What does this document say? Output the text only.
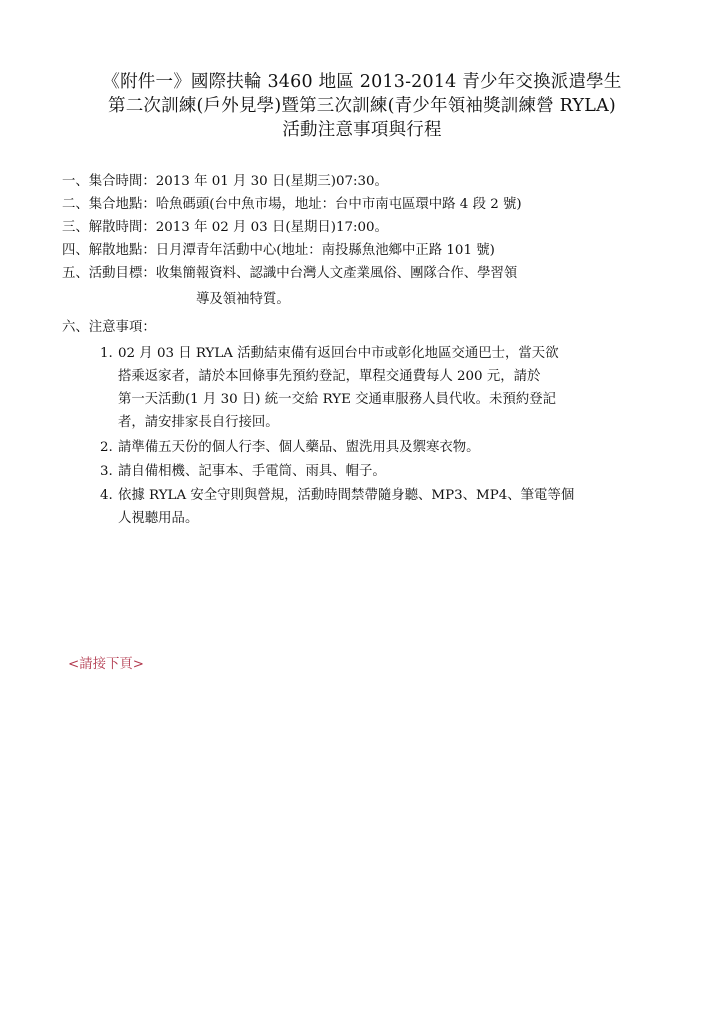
《附件一》國際扶輪 3460 地區 2013-2014 青少年交換派遣學生
第二次訓練(戶外見學)暨第三次訓練(青少年領袖獎訓練營 RYLA)
活動注意事項與行程
一、集合時間：2013 年 01 月 30 日(星期三)07:30。
二、集合地點：哈魚碼頭(台中魚市場，地址：台中市南屯區環中路 4 段 2 號)
三、解散時間：2013 年 02 月 03 日(星期日)17:00。
四、解散地點：日月潭青年活動中心(地址：南投縣魚池鄉中正路 101 號)
五、活動目標：收集簡報資料、認識中台灣人文產業風俗、團隊合作、學習領
導及領袖特質。
六、注意事項：
1. 02 月 03 日 RYLA 活動結束備有返回台中市或彰化地區交通巴士，當天欲
搭乘返家者，請於本回條事先預約登記，單程交通費每人 200 元，請於
第一天活動(1 月 30 日) 統一交給 RYE 交通車服務人員代收。未預約登記
者，請安排家長自行接回。
2. 請準備五天份的個人行李、個人藥品、盥洗用具及禦寒衣物。
3. 請自備相機、記事本、手電筒、雨具、帽子。
4. 依據 RYLA 安全守則與營規，活動時間禁帶隨身聽、MP3、MP4、筆電等個
人視聽用品。
<請接下頁>
